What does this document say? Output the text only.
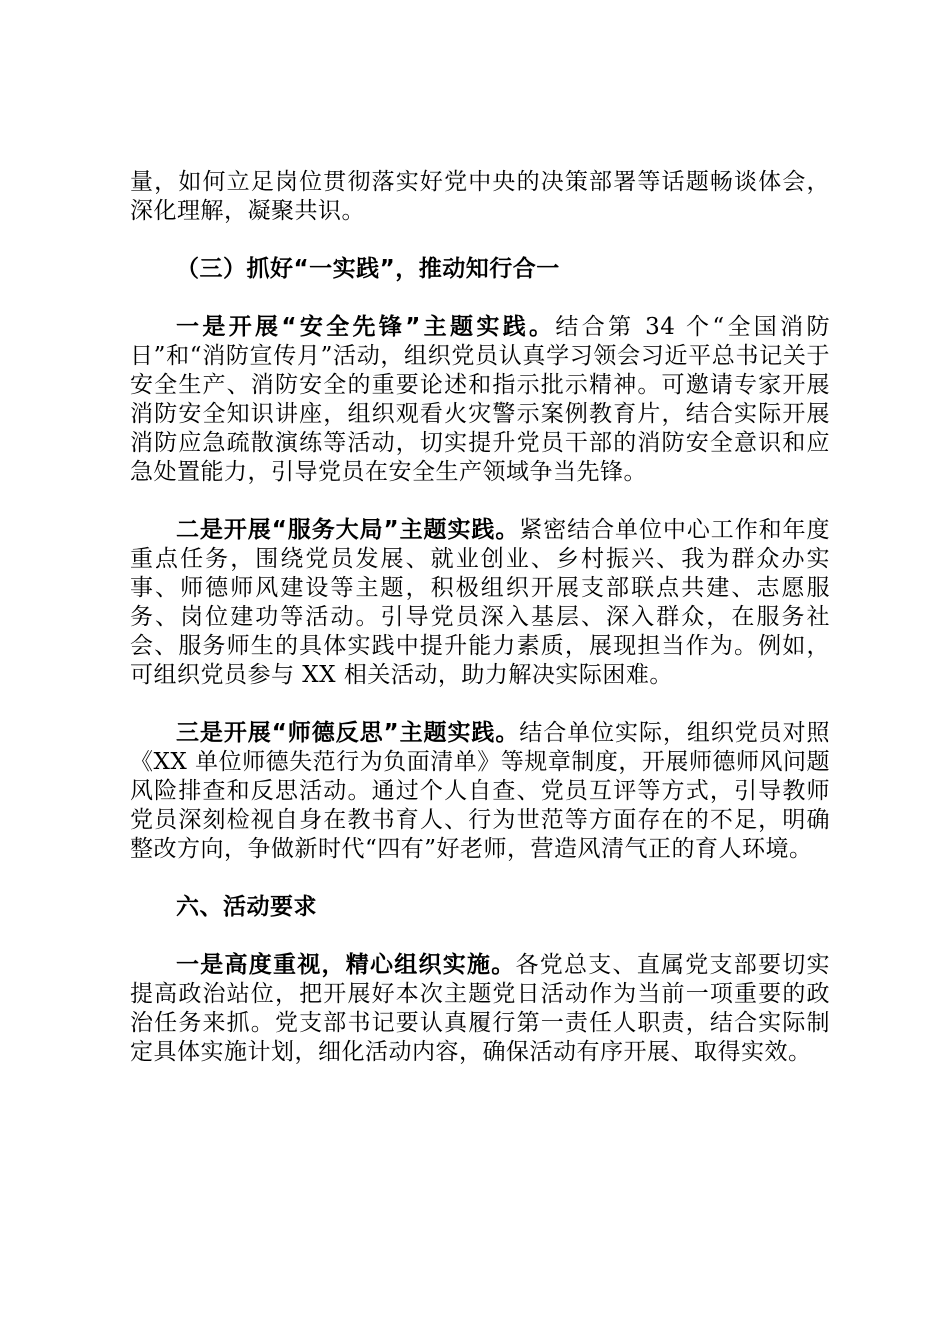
量，如何立足岗位贯彻落实好党中央的决策部署等话题畅谈体会，深化理解，凝聚共识。

（三）抓好“一实践”，推动知行合一

一是开展“安全先锋”主题实践。结合第 34 个“全国消防日”和“消防宣传月”活动，组织党员认真学习领会习近平总书记关于安全生产、消防安全的重要论述和指示批示精神。可邀请专家开展消防安全知识讲座，组织观看火灾警示案例教育片，结合实际开展消防应急疏散演练等活动，切实提升党员干部的消防安全意识和应急处置能力，引导党员在安全生产领域争当先锋。

二是开展“服务大局”主题实践。紧密结合单位中心工作和年度重点任务，围绕党员发展、就业创业、乡村振兴、我为群众办实事、师德师风建设等主题，积极组织开展支部联点共建、志愿服务、岗位建功等活动。引导党员深入基层、深入群众，在服务社会、服务师生的具体实践中提升能力素质，展现担当作为。例如，可组织党员参与 XX 相关活动，助力解决实际困难。

三是开展“师德反思”主题实践。结合单位实际，组织党员对照《XX 单位师德失范行为负面清单》等规章制度，开展师德师风问题风险排查和反思活动。通过个人自查、党员互评等方式，引导教师党员深刻检视自身在教书育人、行为世范等方面存在的不足，明确整改方向，争做新时代“四有”好老师，营造风清气正的育人环境。

六、活动要求

一是高度重视，精心组织实施。各党总支、直属党支部要切实提高政治站位，把开展好本次主题党日活动作为当前一项重要的政治任务来抓。党支部书记要认真履行第一责任人职责，结合实际制定具体实施计划，细化活动内容，确保活动有序开展、取得实效。
